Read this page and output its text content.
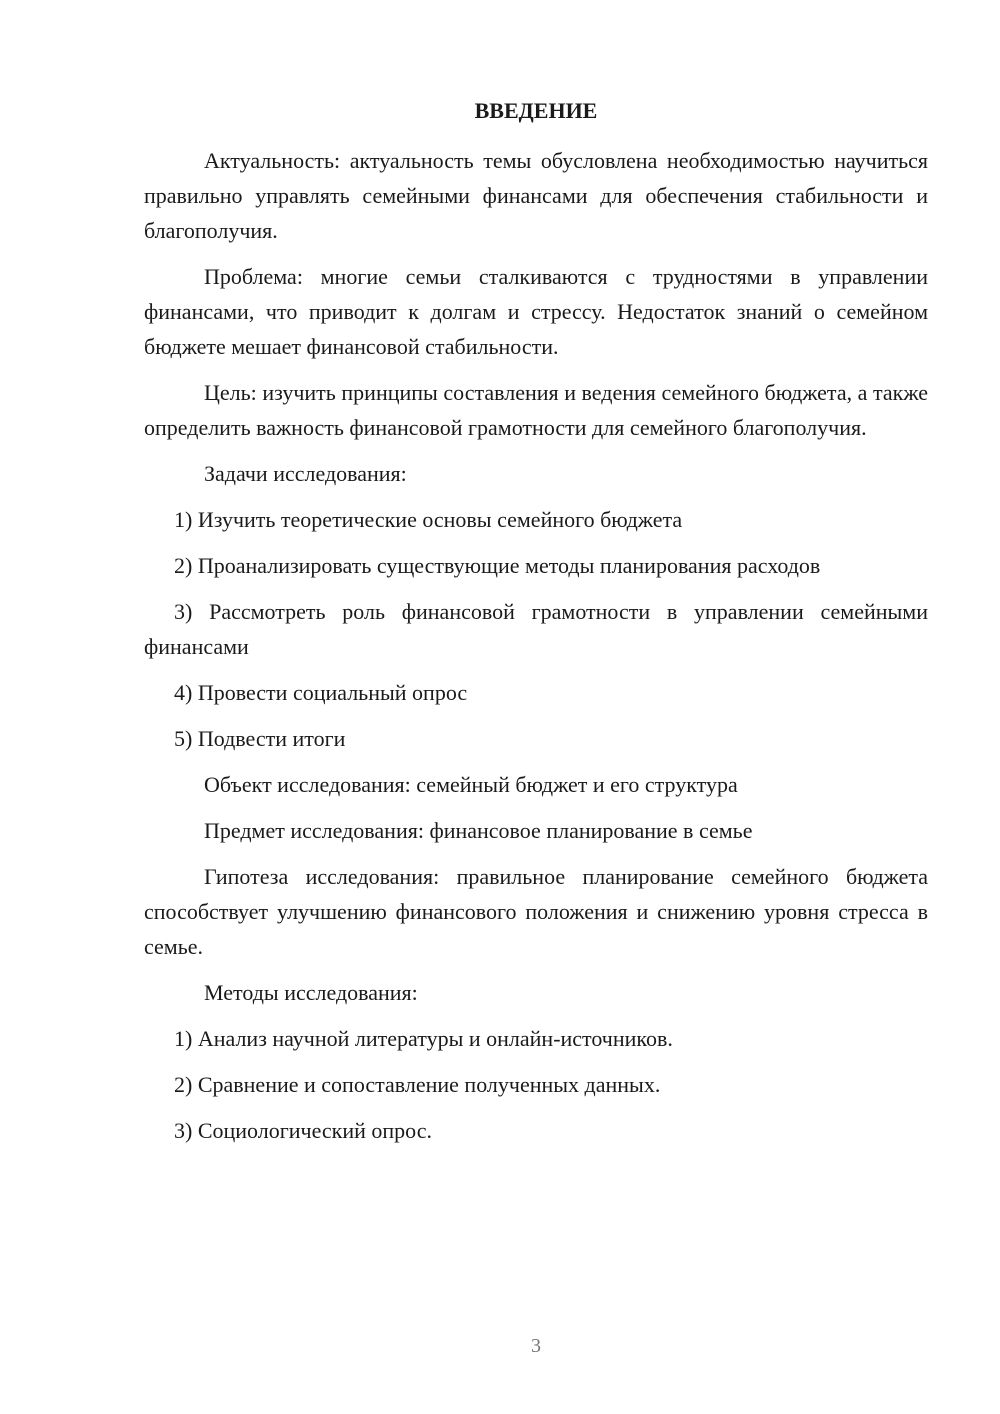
ВВЕДЕНИЕ

Актуальность: актуальность темы обусловлена необходимостью научиться правильно управлять семейными финансами для обеспечения стабильности и благополучия.

Проблема: многие семьи сталкиваются с трудностями в управлении финансами, что приводит к долгам и стрессу. Недостаток знаний о семейном бюджете мешает финансовой стабильности.

Цель: изучить принципы составления и ведения семейного бюджета, а также определить важность финансовой грамотности для семейного благополучия.

Задачи исследования:

1) Изучить теоретические основы семейного бюджета

2) Проанализировать существующие методы планирования расходов

3) Рассмотреть роль финансовой грамотности в управлении семейными финансами

4) Провести социальный опрос

5) Подвести итоги

Объект исследования: семейный бюджет и его структура

Предмет исследования: финансовое планирование в семье

Гипотеза исследования: правильное планирование семейного бюджета способствует улучшению финансового положения и снижению уровня стресса в семье.

Методы исследования:

1) Анализ научной литературы и онлайн-источников.

2) Сравнение и сопоставление полученных данных.

3) Социологический опрос.

3
